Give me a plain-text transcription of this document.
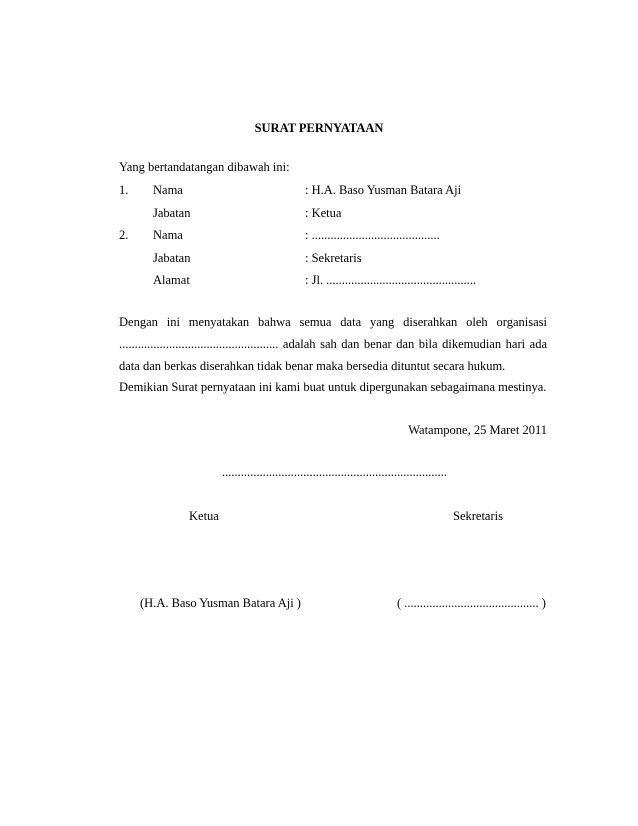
SURAT PERNYATAAN
Yang bertandatangan dibawah ini:
1. Nama	: H.A. Baso Yusman Batara Aji
Jabatan	: Ketua
2. Nama	: .........................................
Jabatan	: Sekretaris
Alamat	: Jl. ................................................
Dengan ini menyatakan bahwa semua data yang diserahkan oleh organisasi
................................................... adalah sah dan benar dan bila dikemudian hari ada
data dan berkas diserahkan tidak benar maka bersedia dituntut secara hukum.
Demikian Surat pernyataan ini kami buat untuk dipergunakan sebagaimana mestinya.
Watampone, 25 Maret 2011
........................................................................
Ketua	Sekretaris
(H.A. Baso Yusman Batara Aji )	( ........................................... )
